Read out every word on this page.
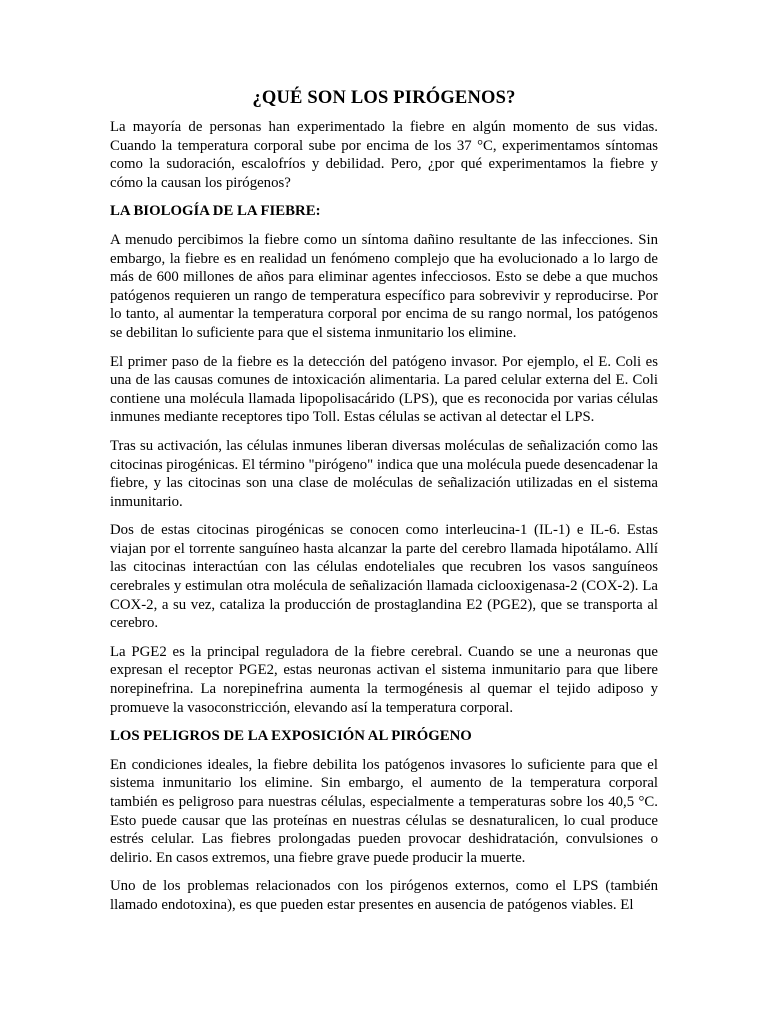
¿QUÉ SON LOS PIRÓGENOS?

La mayoría de personas han experimentado la fiebre en algún momento de sus vidas. Cuando la temperatura corporal sube por encima de los 37 °C, experimentamos síntomas como la sudoración, escalofríos y debilidad. Pero, ¿por qué experimentamos la fiebre y cómo la causan los pirógenos?

LA BIOLOGÍA DE LA FIEBRE:

A menudo percibimos la fiebre como un síntoma dañino resultante de las infecciones. Sin embargo, la fiebre es en realidad un fenómeno complejo que ha evolucionado a lo largo de más de 600 millones de años para eliminar agentes infecciosos. Esto se debe a que muchos patógenos requieren un rango de temperatura específico para sobrevivir y reproducirse. Por lo tanto, al aumentar la temperatura corporal por encima de su rango normal, los patógenos se debilitan lo suficiente para que el sistema inmunitario los elimine.

El primer paso de la fiebre es la detección del patógeno invasor. Por ejemplo, el E. Coli es una de las causas comunes de intoxicación alimentaria. La pared celular externa del E. Coli contiene una molécula llamada lipopolisacárido (LPS), que es reconocida por varias células inmunes mediante receptores tipo Toll. Estas células se activan al detectar el LPS.

Tras su activación, las células inmunes liberan diversas moléculas de señalización como las citocinas pirogénicas. El término "pirógeno" indica que una molécula puede desencadenar la fiebre, y las citocinas son una clase de moléculas de señalización utilizadas en el sistema inmunitario.

Dos de estas citocinas pirogénicas se conocen como interleucina-1 (IL-1) e IL-6. Estas viajan por el torrente sanguíneo hasta alcanzar la parte del cerebro llamada hipotálamo. Allí las citocinas interactúan con las células endoteliales que recubren los vasos sanguíneos cerebrales y estimulan otra molécula de señalización llamada ciclooxigenasa-2 (COX-2). La COX-2, a su vez, cataliza la producción de prostaglandina E2 (PGE2), que se transporta al cerebro.

La PGE2 es la principal reguladora de la fiebre cerebral. Cuando se une a neuronas que expresan el receptor PGE2, estas neuronas activan el sistema inmunitario para que libere norepinefrina. La norepinefrina aumenta la termogénesis al quemar el tejido adiposo y promueve la vasoconstricción, elevando así la temperatura corporal.

LOS PELIGROS DE LA EXPOSICIÓN AL PIRÓGENO

En condiciones ideales, la fiebre debilita los patógenos invasores lo suficiente para que el sistema inmunitario los elimine. Sin embargo, el aumento de la temperatura corporal también es peligroso para nuestras células, especialmente a temperaturas sobre los 40,5 °C. Esto puede causar que las proteínas en nuestras células se desnaturalicen, lo cual produce estrés celular. Las fiebres prolongadas pueden provocar deshidratación, convulsiones o delirio. En casos extremos, una fiebre grave puede producir la muerte.

Uno de los problemas relacionados con los pirógenos externos, como el LPS (también llamado endotoxina), es que pueden estar presentes en ausencia de patógenos viables. El
